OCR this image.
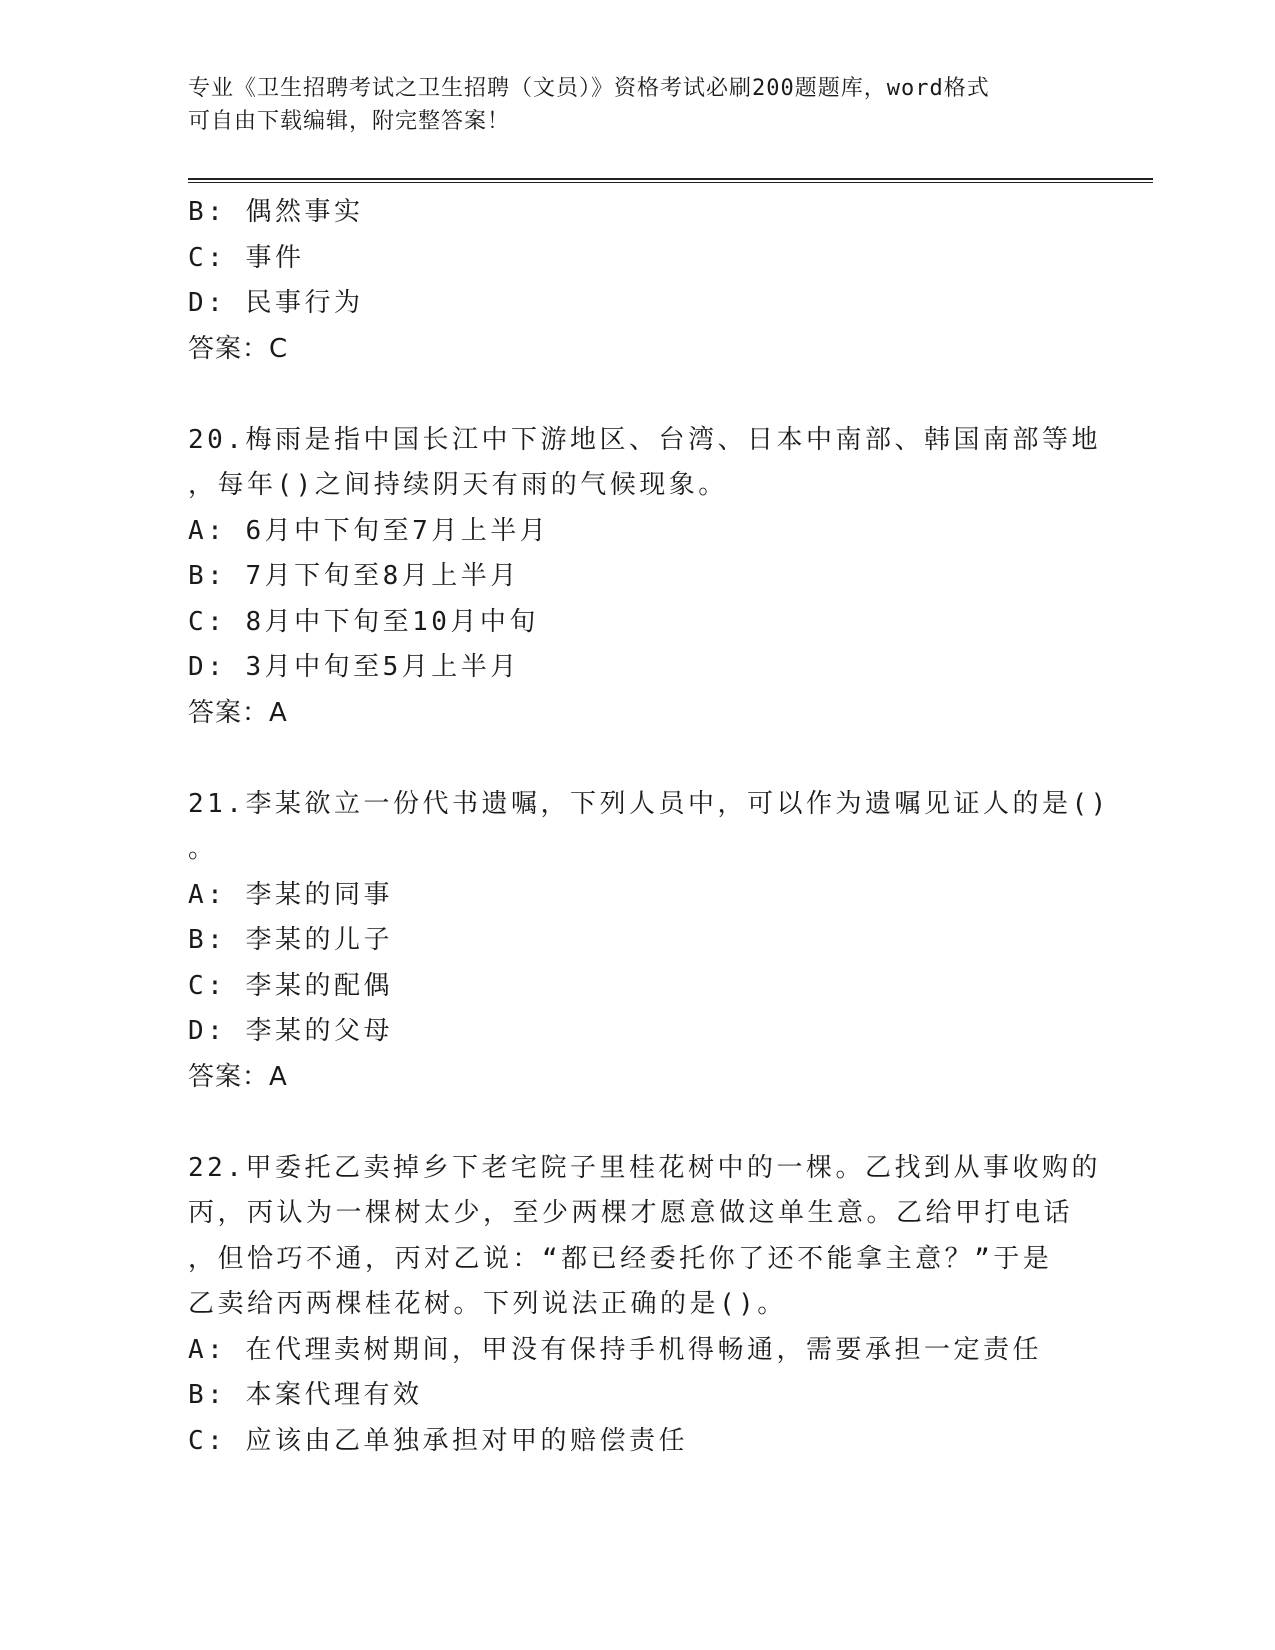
专业《卫生招聘考试之卫生招聘（文员）》资格考试必刷200题题库，word格式
可自由下载编辑，附完整答案！
B: 偶然事实
C: 事件
D: 民事行为
答案：C
20.梅雨是指中国长江中下游地区、台湾、日本中南部、韩国南部等地
，每年()之间持续阴天有雨的气候现象。
A: 6月中下旬至7月上半月
B: 7月下旬至8月上半月
C: 8月中下旬至10月中旬
D: 3月中旬至5月上半月
答案：A
21.李某欲立一份代书遗嘱，下列人员中，可以作为遗嘱见证人的是()
。
A: 李某的同事
B: 李某的儿子
C: 李某的配偶
D: 李某的父母
答案：A
22.甲委托乙卖掉乡下老宅院子里桂花树中的一棵。乙找到从事收购的
丙，丙认为一棵树太少，至少两棵才愿意做这单生意。乙给甲打电话
，但恰巧不通，丙对乙说：“都已经委托你了还不能拿主意？”于是
乙卖给丙两棵桂花树。下列说法正确的是()。
A: 在代理卖树期间，甲没有保持手机得畅通，需要承担一定责任
B: 本案代理有效
C: 应该由乙单独承担对甲的赔偿责任
